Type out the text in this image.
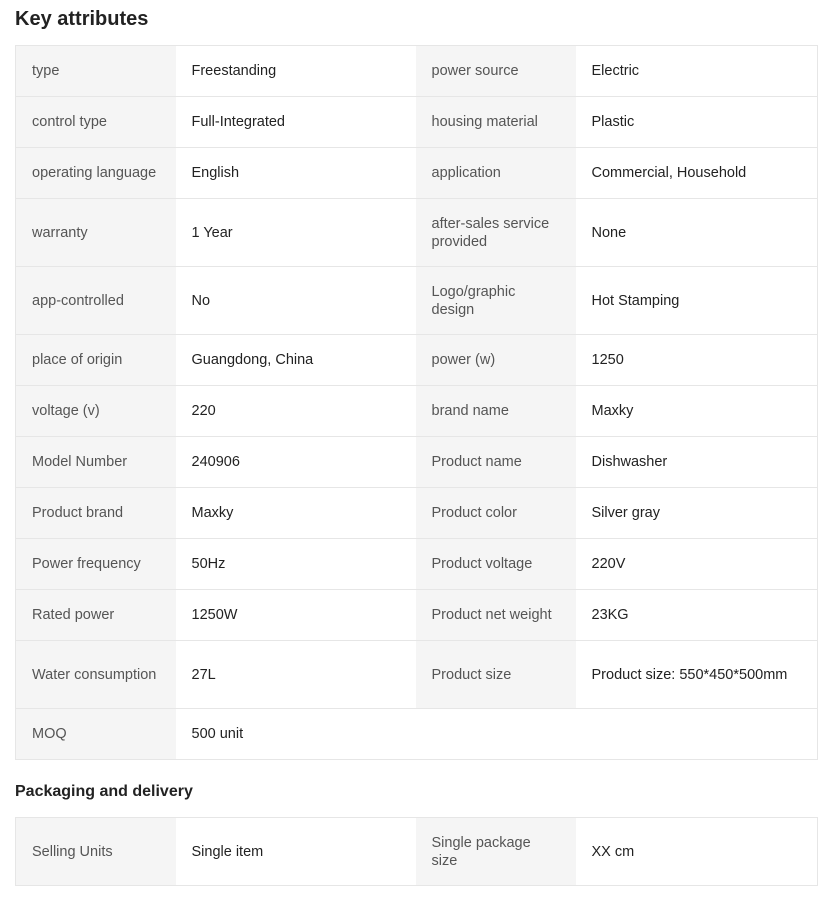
Key attributes
type	Freestanding	power source	Electric
control type	Full-Integrated	housing material	Plastic
operating language	English	application	Commercial, Household
warranty	1 Year	after-sales service provided	None
app-controlled	No	Logo/graphic design	Hot Stamping
place of origin	Guangdong, China	power (w)	1250
voltage (v)	220	brand name	Maxky
Model Number	240906	Product name	Dishwasher
Product brand	Maxky	Product color	Silver gray
Power frequency	50Hz	Product voltage	220V
Rated power	1250W	Product net weight	23KG
Water consumption	27L	Product size	Product size: 550*450*500mm
MOQ	500 unit		
Packaging and delivery
Selling Units	Single item	Single package size	XX cm
